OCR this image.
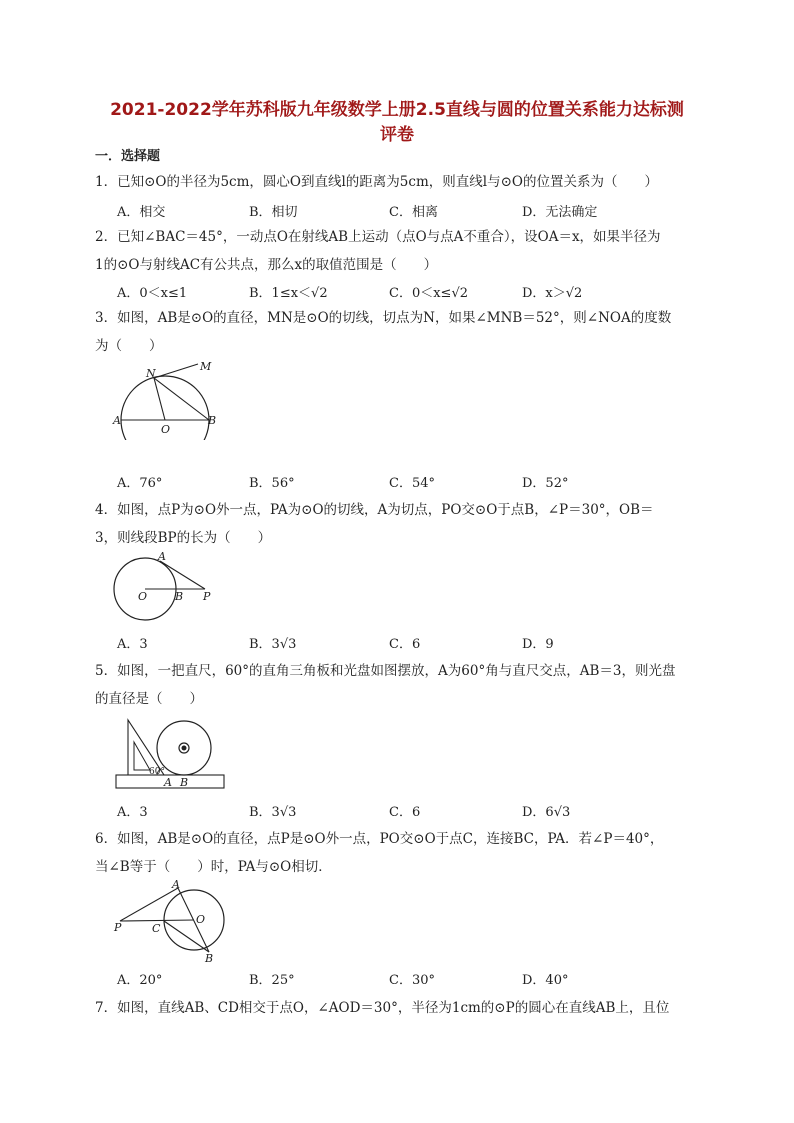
2021-2022学年苏科版九年级数学上册2.5直线与圆的位置关系能力达标测
评卷
一．选择题

1．已知⊙O的半径为5cm，圆心O到直线l的距离为5cm，则直线l与⊙O的位置关系为（　　）

A．相交	B．相切	C．相离	D．无法确定

2．已知∠BAC＝45°，一动点O在射线AB上运动（点O与点A不重合），设OA＝x，如果半径为

1的⊙O与射线AC有公共点，那么x的取值范围是（　　）

A．0＜x≤1	B．1≤x＜√2	C．0＜x≤√2	D．x＞√2

3．如图，AB是⊙O的直径，MN是⊙O的切线，切点为N，如果∠MNB＝52°，则∠NOA的度数

为（　　）

N
M
A
O
B
A．76°	B．56°	C．54°	D．52°

4．如图，点P为⊙O外一点，PA为⊙O的切线，A为切点，PO交⊙O于点B，∠P＝30°，OB＝

3，则线段BP的长为（　　）

A
O	B P
A．3	B．3√3	C．6	D．9

5．如图，一把直尺，60°的直角三角板和光盘如图摆放，A为60°角与直尺交点，AB＝3，则光盘

的直径是（　　）

60°
A B
A．3	B．3√3	C．6	D．6√3

6．如图，AB是⊙O的直径，点P是⊙O外一点，PO交⊙O于点C，连接BC，PA．若∠P＝40°，

当∠B等于（　　）时，PA与⊙O相切．

A
O
P	C
B
A．20°	B．25°	C．30°	D．40°

7．如图，直线AB、CD相交于点O，∠AOD＝30°，半径为1cm的⊙P的圆心在直线AB上，且位
